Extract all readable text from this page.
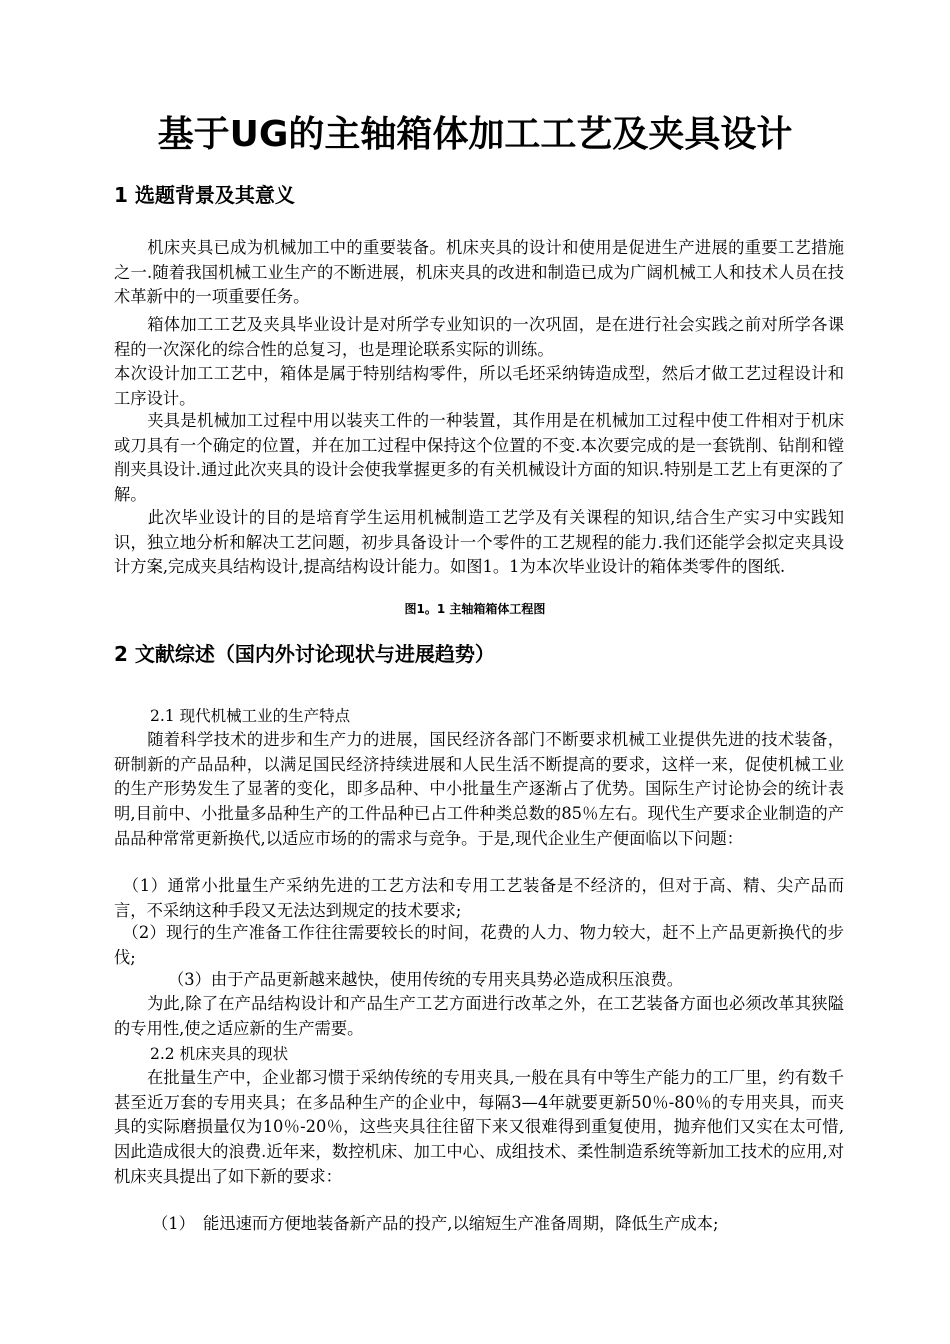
基于UG的主轴箱体加工工艺及夹具设计
1 选题背景及其意义

　　机床夹具已成为机械加工中的重要装备。机床夹具的设计和使用是促进生产进展的重要工艺措施之一.随着我国机械工业生产的不断进展，机床夹具的改进和制造已成为广阔机械工人和技术人员在技术革新中的一项重要任务。

　　箱体加工工艺及夹具毕业设计是对所学专业知识的一次巩固，是在进行社会实践之前对所学各课程的一次深化的综合性的总复习，也是理论联系实际的训练。

本次设计加工工艺中，箱体是属于特别结构零件，所以毛坯采纳铸造成型，然后才做工艺过程设计和工序设计。

　　夹具是机械加工过程中用以装夹工件的一种装置，其作用是在机械加工过程中使工件相对于机床或刀具有一个确定的位置，并在加工过程中保持这个位置的不变.本次要完成的是一套铣削、钻削和镗削夹具设计.通过此次夹具的设计会使我掌握更多的有关机械设计方面的知识.特别是工艺上有更深的了解。

　　此次毕业设计的目的是培育学生运用机械制造工艺学及有关课程的知识,结合生产实习中实践知识，独立地分析和解决工艺问题，初步具备设计一个零件的工艺规程的能力.我们还能学会拟定夹具设计方案,完成夹具结构设计,提高结构设计能力。如图1。1为本次毕业设计的箱体类零件的图纸.

图1。1 主轴箱箱体工程图

2 文献综述（国内外讨论现状与进展趋势）

2.1 现代机械工业的生产特点

　　随着科学技术的进步和生产力的进展，国民经济各部门不断要求机械工业提供先进的技术装备，研制新的产品品种，以满足国民经济持续进展和人民生活不断提高的要求，这样一来，促使机械工业的生产形势发生了显著的变化，即多品种、中小批量生产逐渐占了优势。国际生产讨论协会的统计表明,目前中、小批量多品种生产的工件品种已占工件种类总数的85％左右。现代生产要求企业制造的产品品种常常更新换代,以适应市场的的需求与竞争。于是,现代企业生产便面临以下问题：

　（1）通常小批量生产采纳先进的工艺方法和专用工艺装备是不经济的，但对于高、精、尖产品而言，不采纳这种手段又无法达到规定的技术要求;

　（2）现行的生产准备工作往往需要较长的时间，花费的人力、物力较大，赶不上产品更新换代的步伐;

（3）由于产品更新越来越快，使用传统的专用夹具势必造成积压浪费。

　　为此,除了在产品结构设计和产品生产工艺方面进行改革之外，在工艺装备方面也必须改革其狭隘的专用性,使之适应新的生产需要。

2.2 机床夹具的现状

　　在批量生产中，企业都习惯于采纳传统的专用夹具,一般在具有中等生产能力的工厂里，约有数千甚至近万套的专用夹具；在多品种生产的企业中，每隔3—4年就要更新50％-80％的专用夹具，而夹具的实际磨损量仅为10％-20％，这些夹具往往留下来又很难得到重复使用，抛弃他们又实在太可惜,因此造成很大的浪费.近年来，数控机床、加工中心、成组技术、柔性制造系统等新加工技术的应用,对机床夹具提出了如下新的要求：

（1）　能迅速而方便地装备新产品的投产,以缩短生产准备周期，降低生产成本;
